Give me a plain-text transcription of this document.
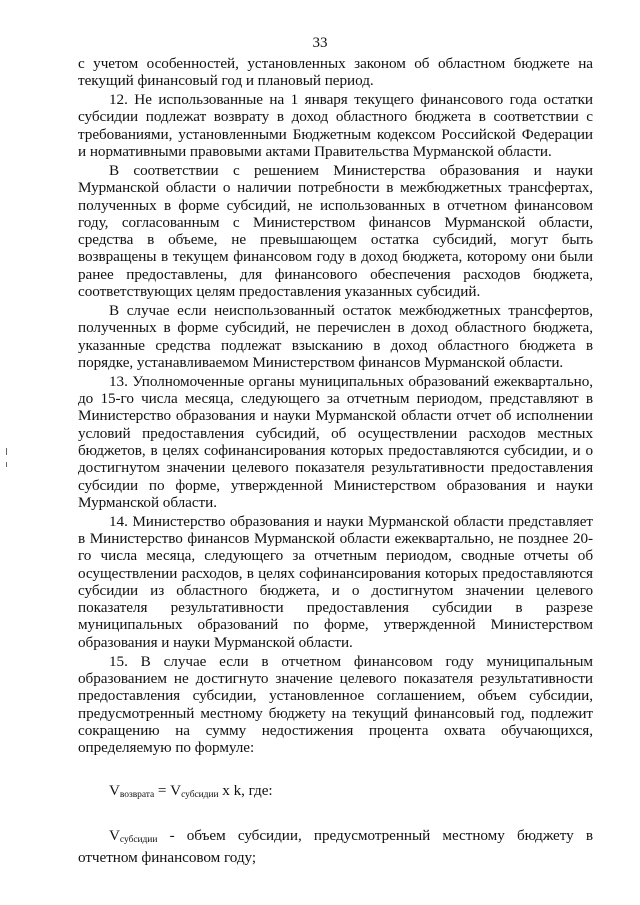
33

с учетом особенностей, установленных законом об областном бюджете на текущий финансовый год и плановый период.

12. Не использованные на 1 января текущего финансового года остатки субсидии подлежат возврату в доход областного бюджета в соответствии с требованиями, установленными Бюджетным кодексом Российской Федерации и нормативными правовыми актами Правительства Мурманской области.

В соответствии с решением Министерства образования и науки Мурманской области о наличии потребности в межбюджетных трансфертах, полученных в форме субсидий, не использованных в отчетном финансовом году, согласованным с Министерством финансов Мурманской области, средства в объеме, не превышающем остатка субсидий, могут быть возвращены в текущем финансовом году в доход бюджета, которому они были ранее предоставлены, для финансового обеспечения расходов бюджета, соответствующих целям предоставления указанных субсидий.

В случае если неиспользованный остаток межбюджетных трансфертов, полученных в форме субсидий, не перечислен в доход областного бюджета, указанные средства подлежат взысканию в доход областного бюджета в порядке, устанавливаемом Министерством финансов Мурманской области.

13. Уполномоченные органы муниципальных образований ежеквартально, до 15-го числа месяца, следующего за отчетным периодом, представляют в Министерство образования и науки Мурманской области отчет об исполнении условий предоставления субсидий, об осуществлении расходов местных бюджетов, в целях софинансирования которых предоставляются субсидии, и о достигнутом значении целевого показателя результативности предоставления субсидии по форме, утвержденной Министерством образования и науки Мурманской области.

14. Министерство образования и науки Мурманской области представляет в Министерство финансов Мурманской области ежеквартально, не позднее 20-го числа месяца, следующего за отчетным периодом, сводные отчеты об осуществлении расходов, в целях софинансирования которых предоставляются субсидии из областного бюджета, и о достигнутом значении целевого показателя результативности предоставления субсидии в разрезе муниципальных образований по форме, утвержденной Министерством образования и науки Мурманской области.

15. В случае если в отчетном финансовом году муниципальным образованием не достигнуто значение целевого показателя результативности предоставления субсидии, установленное соглашением, объем субсидии, предусмотренный местному бюджету на текущий финансовый год, подлежит сокращению на сумму недостижения процента охвата обучающихся, определяемую по формуле:

$V_{возврата} = V_{субсидии}$ x k, где:

$V_{субсидии}$ - объем субсидии, предусмотренный местному бюджету в отчетном финансовом году;
